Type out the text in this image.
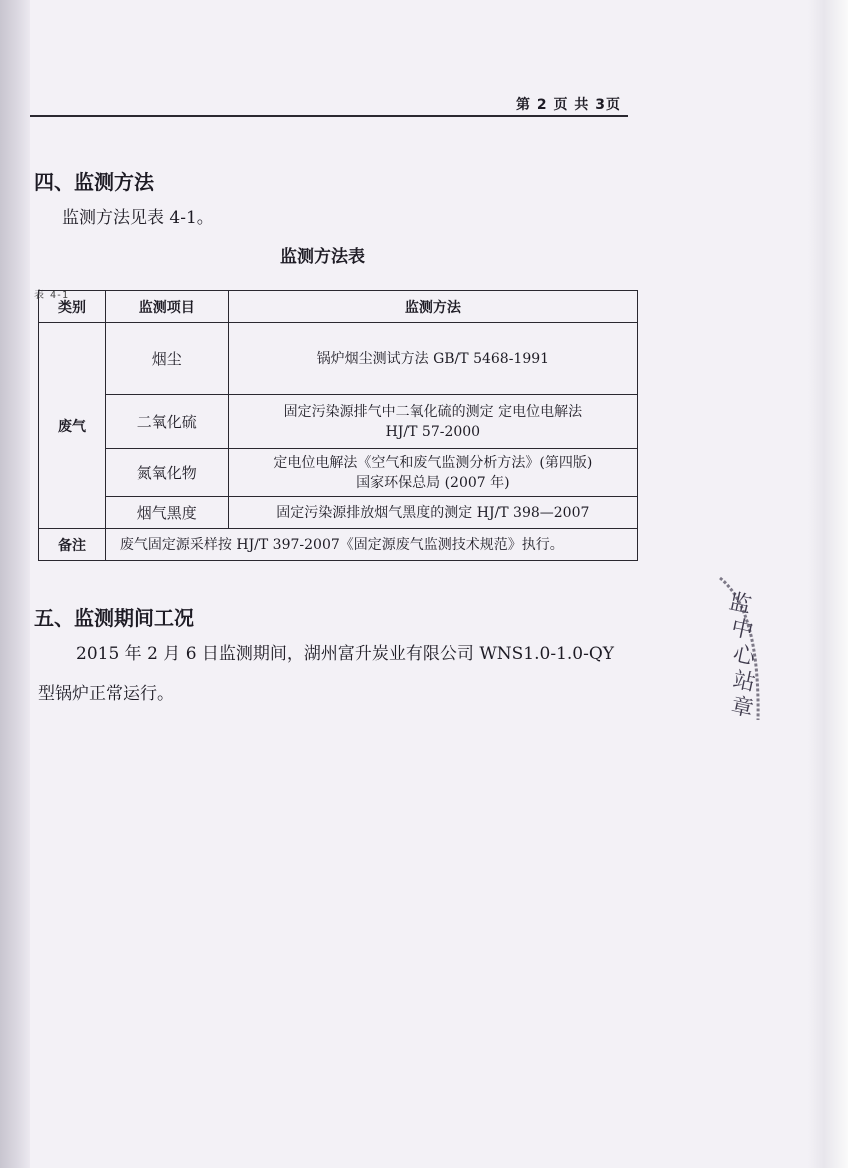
第 2 页 共 3页
四、监测方法
监测方法见表 4-1。
监测方法表
表 4-1
类别	监测项目	监测方法
废气	烟尘	锅炉烟尘测试方法 GB/T 5468-1991

	二氧化硫	固定污染源排气中二氧化硫的测定 定电位电解法
HJ/T 57-2000

	氮氧化物	定电位电解法《空气和废气监测分析方法》(第四版)
国家环保总局 (2007 年)

	烟气黑度	固定污染源排放烟气黑度的测定 HJ/T 398—2007

备注	废气固定源采样按 HJ/T 397-2007《固定源废气监测技术规范》执行。	
五、监测期间工况
2015 年 2 月 6 日监测期间，湖州富升炭业有限公司 WNS1.0-1.0-QY
型锅炉正常运行。
监
中
心
站
章
